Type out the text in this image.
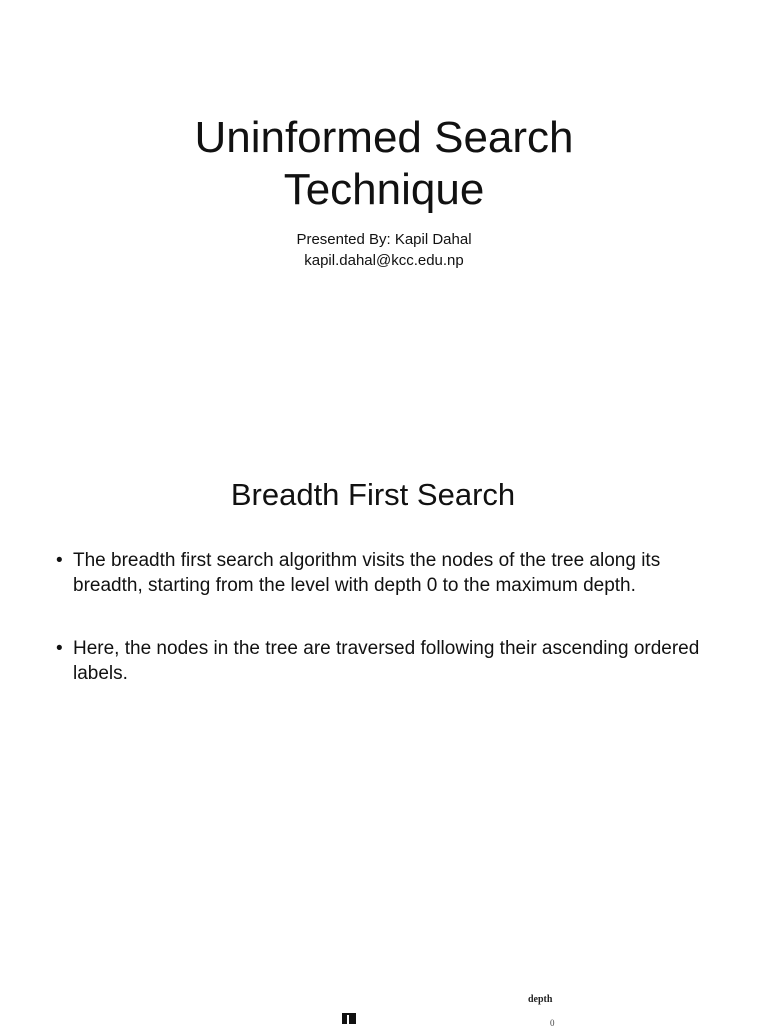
Uninformed Search
Technique
Presented By: Kapil Dahal
kapil.dahal@kcc.edu.np
Breadth First Search
• The breadth first search algorithm visits the nodes of the tree along its breadth, starting from the level with depth 0 to the maximum depth.
• Here, the nodes in the tree are traversed following their ascending ordered labels.
depth
0
